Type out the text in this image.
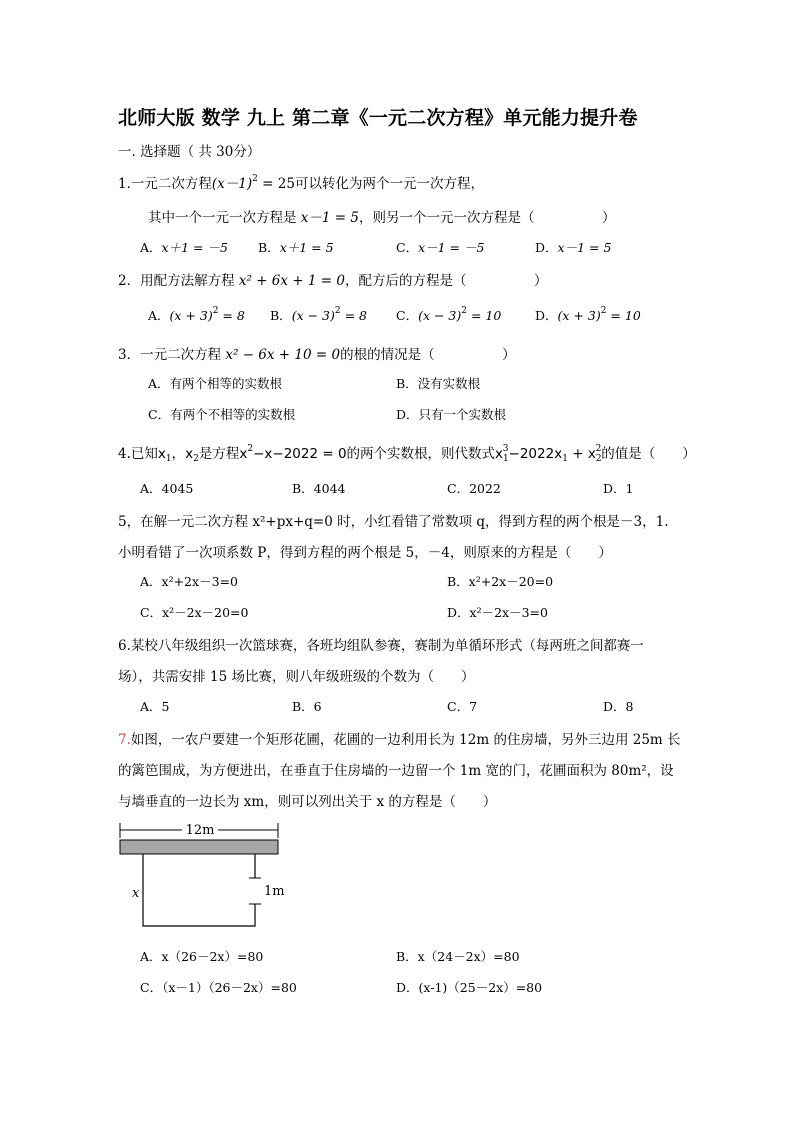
北师大版 数学 九上 第二章《一元二次方程》单元能力提升卷
一. 选择题（ 共 30分）
1.一元二次方程$(x-1)^2 = 25$可以转化为两个一元一次方程，
其中一个一元一次方程是 x－1 = 5，则另一个一元一次方程是（　　　　　）
A．x＋1 = －5 B．x＋1 = 5	C．x－1 = －5	D．x－1 = 5
2．用配方法解方程 x² + 6x + 1 = 0，配方后的方程是（　　　　　）
A．$(x + 3)^2 = 8$ B．$(x - 3)^2 = 8$ C．$(x - 3)^2 = 10$	D．$(x + 3)^2 = 10$
3．一元二次方程 x² − 6x + 10 = 0的根的情况是（　　　　　）
A．有两个相等的实数根	B．没有实数根
C．有两个不相等的实数根	D．只有一个实数根
4.已知$x_1$，$x_2$是方程$x^2-x-2022 = 0$的两个实数根，则代数式$x_1^3-2022x_1 + x_2^2$的值是（　　）
A．4045	B．4044	C．2022	D．1
5，在解一元二次方程 x²+px+q=0 时，小红看错了常数项 q，得到方程的两个根是－3，1.
小明看错了一次项系数 P，得到方程的两个根是 5，－4，则原来的方程是（　　）
A．x²+2x－3=0	B．x²+2x－20=0
C．x²－2x－20=0	D．x²－2x－3=0
6.某校八年级组织一次篮球赛，各班均组队参赛，赛制为单循环形式（每两班之间都赛一
场），共需安排 15 场比赛，则八年级班级的个数为（　　）
A．5	B．6	C．7	D．8
7.如图，一农户要建一个矩形花圃，花圃的一边利用长为 12m 的住房墙，另外三边用 25m 长
的篱笆围成，为方便进出，在垂直于住房墙的一边留一个 1m 宽的门，花圃面积为 80m²，设
与墙垂直的一边长为 xm，则可以列出关于 x 的方程是（　　）
12m
1m
x
A．x（26－2x）=80	B．x（24－2x）=80
C．（x－1）（26－2x）=80	D．(x-1)（25－2x）=80
